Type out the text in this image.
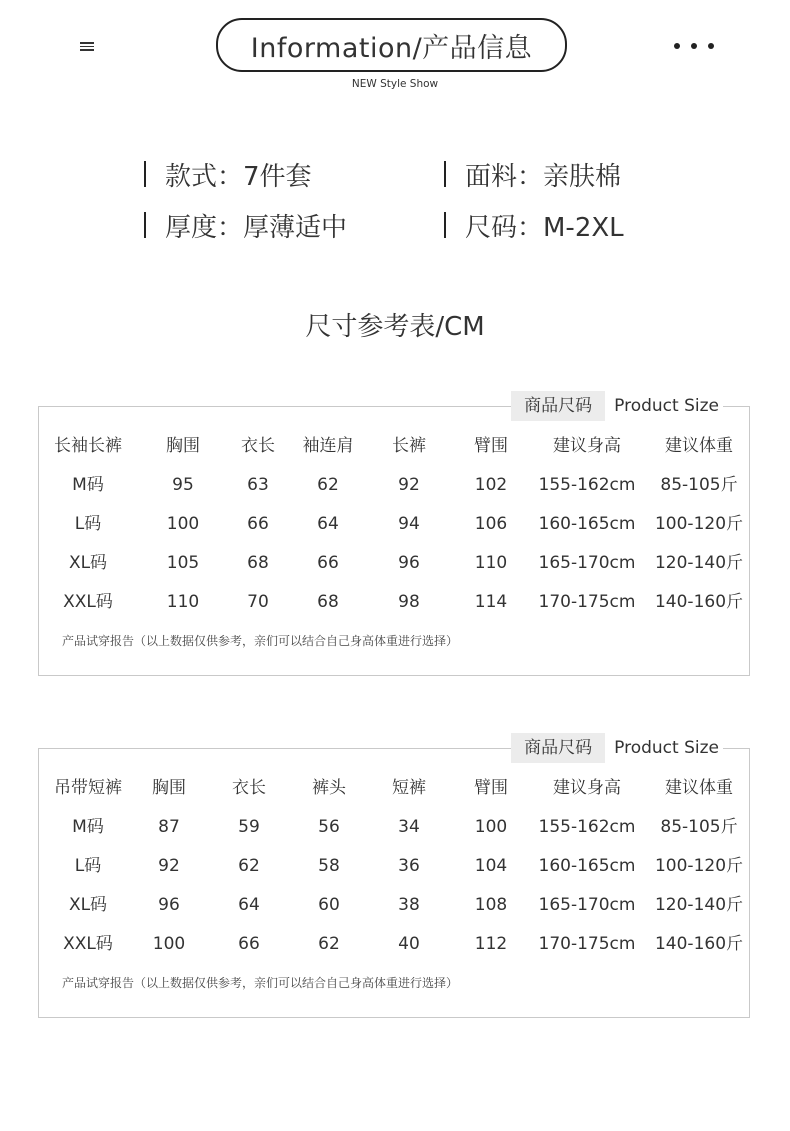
Information/产品信息
NEW Style Show
款式：7件套	面料：亲肤棉
厚度：厚薄适中	尺码：M-2XL
尺寸参考表/CM
商品尺码	Product Size
长袖长裤	胸围	衣长	袖连肩	长裤	臂围	建议身高	建议体重
M码	95	63	62	92	102	155-162cm	85-105斤
L码	100	66	64	94	106	160-165cm	100-120斤
XL码	105	68	66	96	110	165-170cm	120-140斤
XXL码	110	70	68	98	114	170-175cm	140-160斤
产品试穿报告（以上数据仅供参考，亲们可以结合自己身高体重进行选择）
商品尺码	Product Size
吊带短裤	胸围	衣长	裤头	短裤	臂围	建议身高	建议体重
M码	87	59	56	34	100	155-162cm	85-105斤
L码	92	62	58	36	104	160-165cm	100-120斤
XL码	96	64	60	38	108	165-170cm	120-140斤
XXL码	100	66	62	40	112	170-175cm	140-160斤
产品试穿报告（以上数据仅供参考，亲们可以结合自己身高体重进行选择）
